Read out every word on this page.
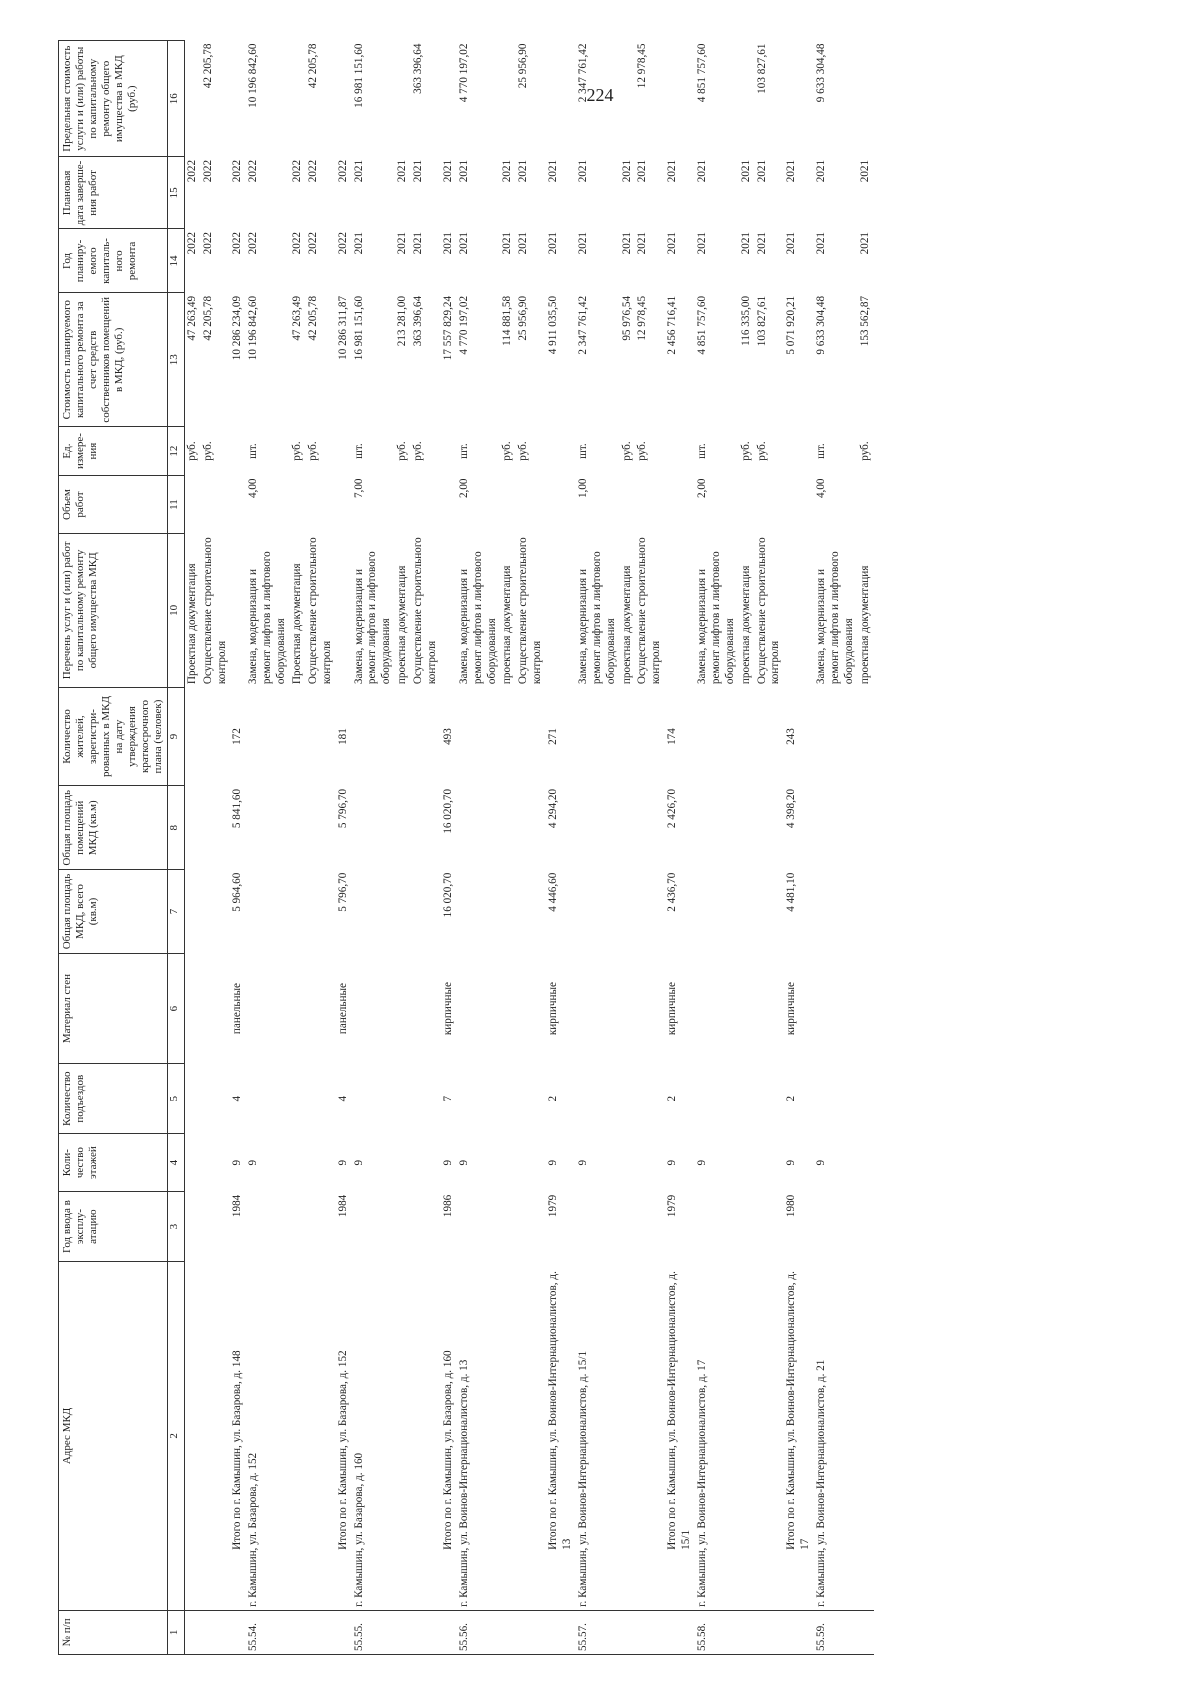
224
№ п/п	Адрес МКД	Год ввода в эксплу-атацию	Коли-чество этажей	Количество подъездов	Материал стен	Общая площадь МКД, всего (кв.м)	Общая площадь помещений МКД (кв.м)	Количество жителей, зарегистри-рованных в МКД на дату утверждения краткосрочного плана (человек)	Перечень услуг и (или) работ по капитальному ремонту общего имущества МКД	Объем работ	Ед. измере-ния	Стоимость планируемого капитального ремонта за счет средств собственников помещений в МКД, (руб.)	Год планиру-емого капиталь-ного ремонта	Плановая дата заверше-ния работ	Предельная стоимость услуги и (или) работы по капитальному ремонту общего имущества в МКД (руб.)
1	2	3	4	5	6	7	8	9	10	11	12	13	14	15	16
									Проектная документация		руб.	47 263,49	2022	2022	
									Осуществление строительного контроля		руб.	42 205,78	2022	2022	42 205,78
	Итого по г. Камышин, ул. Базарова, д. 148	1984	9	4	панельные	5 964,60	5 841,60	172				10 286 234,09	2022	2022	
55.54.	г. Камышин, ул. Базарова, д. 152		9						Замена, модернизация и ремонт лифтов и лифтового оборудования	4,00	шт.	10 196 842,60	2022	2022	10 196 842,60
									Проектная документация		руб.	47 263,49	2022	2022	
									Осуществление строительного контроля		руб.	42 205,78	2022	2022	42 205,78
	Итого по г. Камышин, ул. Базарова, д. 152	1984	9	4	панельные	5 796,70	5 796,70	181				10 286 311,87	2022	2022	
55.55.	г. Камышин, ул. Базарова, д. 160		9						Замена, модернизация и ремонт лифтов и лифтового оборудования	7,00	шт.	16 981 151,60	2021	2021	16 981 151,60
									проектная документация		руб.	213 281,00	2021	2021	
									Осуществление строительного контроля		руб.	363 396,64	2021	2021	363 396,64
	Итого по г. Камышин, ул. Базарова, д. 160	1986	9	7	кирпичные	16 020,70	16 020,70	493				17 557 829,24	2021	2021	
55.56.	г. Камышин, ул. Воинов-Интернационалистов, д. 13		9						Замена, модернизация и ремонт лифтов и лифтового оборудования	2,00	шт.	4 770 197,02	2021	2021	4 770 197,02
									проектная документация		руб.	114 881,58	2021	2021	
									Осуществление строительного контроля		руб.	25 956,90	2021	2021	25 956,90
	Итого по г. Камышин, ул. Воинов-Интернационалистов, д. 13	1979	9	2	кирпичные	4 446,60	4 294,20	271				4 911 035,50	2021	2021	
55.57.	г. Камышин, ул. Воинов-Интернационалистов, д. 15/1		9						Замена, модернизация и ремонт лифтов и лифтового оборудования	1,00	шт.	2 347 761,42	2021	2021	2 347 761,42
									проектная документация		руб.	95 976,54	2021	2021	
									Осуществление строительного контроля		руб.	12 978,45	2021	2021	12 978,45
	Итого по г. Камышин, ул. Воинов-Интернационалистов, д. 15/1	1979	9	2	кирпичные	2 436,70	2 426,70	174				2 456 716,41	2021	2021	
55.58.	г. Камышин, ул. Воинов-Интернационалистов, д. 17		9						Замена, модернизация и ремонт лифтов и лифтового оборудования	2,00	шт.	4 851 757,60	2021	2021	4 851 757,60
									проектная документация		руб.	116 335,00	2021	2021	
									Осуществление строительного контроля		руб.	103 827,61	2021	2021	103 827,61
	Итого по г. Камышин, ул. Воинов-Интернационалистов, д. 17	1980	9	2	кирпичные	4 481,10	4 398,20	243				5 071 920,21	2021	2021	
55.59.	г. Камышин, ул. Воинов-Интернационалистов, д. 21		9						Замена, модернизация и ремонт лифтов и лифтового оборудования	4,00	шт.	9 633 304,48	2021	2021	9 633 304,48
									проектная документация		руб.	153 562,87	2021	2021	
